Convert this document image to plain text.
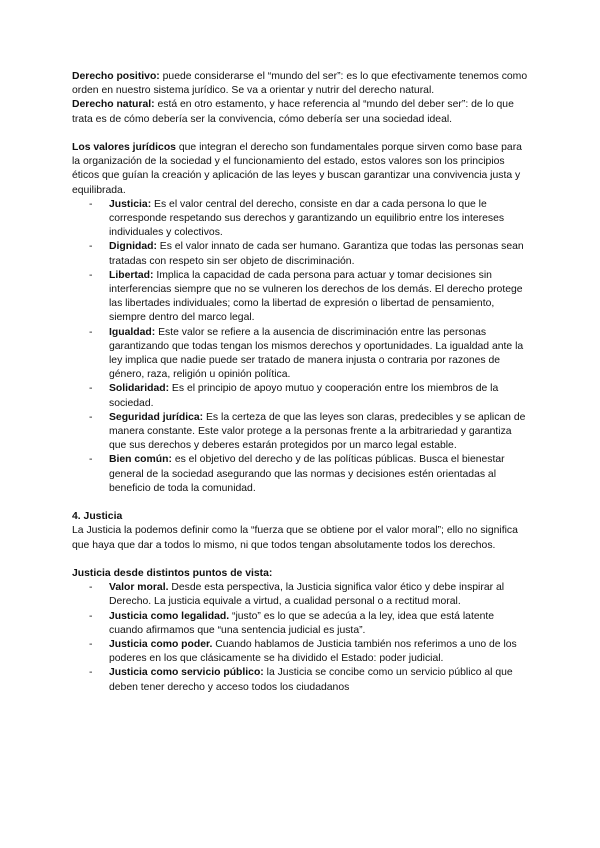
Derecho positivo: puede considerarse el “mundo del ser”: es lo que efectivamente tenemos como orden en nuestro sistema jurídico. Se va a orientar y nutrir del derecho natural.

Derecho natural: está en otro estamento, y hace referencia al “mundo del deber ser”: de lo que trata es de cómo debería ser la convivencia, cómo debería ser una sociedad ideal.

Los valores jurídicos que integran el derecho son fundamentales porque sirven como base para la organización de la sociedad y el funcionamiento del estado, estos valores son los principios éticos que guían la creación y aplicación de las leyes y buscan garantizar una convivencia justa y equilibrada.

- Justicia: Es el valor central del derecho, consiste en dar a cada persona lo que le corresponde respetando sus derechos y garantizando un equilibrio entre los intereses individuales y colectivos.
- Dignidad: Es el valor innato de cada ser humano. Garantiza que todas las personas sean tratadas con respeto sin ser objeto de discriminación.
- Libertad: Implica la capacidad de cada persona para actuar y tomar decisiones sin interferencias siempre que no se vulneren los derechos de los demás. El derecho protege las libertades individuales; como la libertad de expresión o libertad de pensamiento, siempre dentro del marco legal.
- Igualdad: Este valor se refiere a la ausencia de discriminación entre las personas garantizando que todas tengan los mismos derechos y oportunidades. La igualdad ante la ley implica que nadie puede ser tratado de manera injusta o contraria por razones de género, raza, religión u opinión política.
- Solidaridad: Es el principio de apoyo mutuo y cooperación entre los miembros de la sociedad.
- Seguridad jurídica: Es la certeza de que las leyes son claras, predecibles y se aplican de manera constante. Este valor protege a la personas frente a la arbitrariedad y garantiza que sus derechos y deberes estarán protegidos por un marco legal estable.
- Bien común: es el objetivo del derecho y de las políticas públicas. Busca el bienestar general de la sociedad asegurando que las normas y decisiones estén orientadas al beneficio de toda la comunidad.

4. Justicia

La Justicia la podemos definir como la “fuerza que se obtiene por el valor moral”; ello no significa que haya que dar a todos lo mismo, ni que todos tengan absolutamente todos los derechos.

Justicia desde distintos puntos de vista:

- Valor moral. Desde esta perspectiva, la Justicia significa valor ético y debe inspirar al Derecho. La justicia equivale a virtud, a cualidad personal o a rectitud moral.
- Justicia como legalidad. “justo” es lo que se adecúa a la ley, idea que está latente cuando afirmamos que “una sentencia judicial es justa”.
- Justicia como poder. Cuando hablamos de Justicia también nos referimos a uno de los poderes en los que clásicamente se ha dividido el Estado: poder judicial.
- Justicia como servicio público: la Justicia se concibe como un servicio público al que deben tener derecho y acceso todos los ciudadanos
